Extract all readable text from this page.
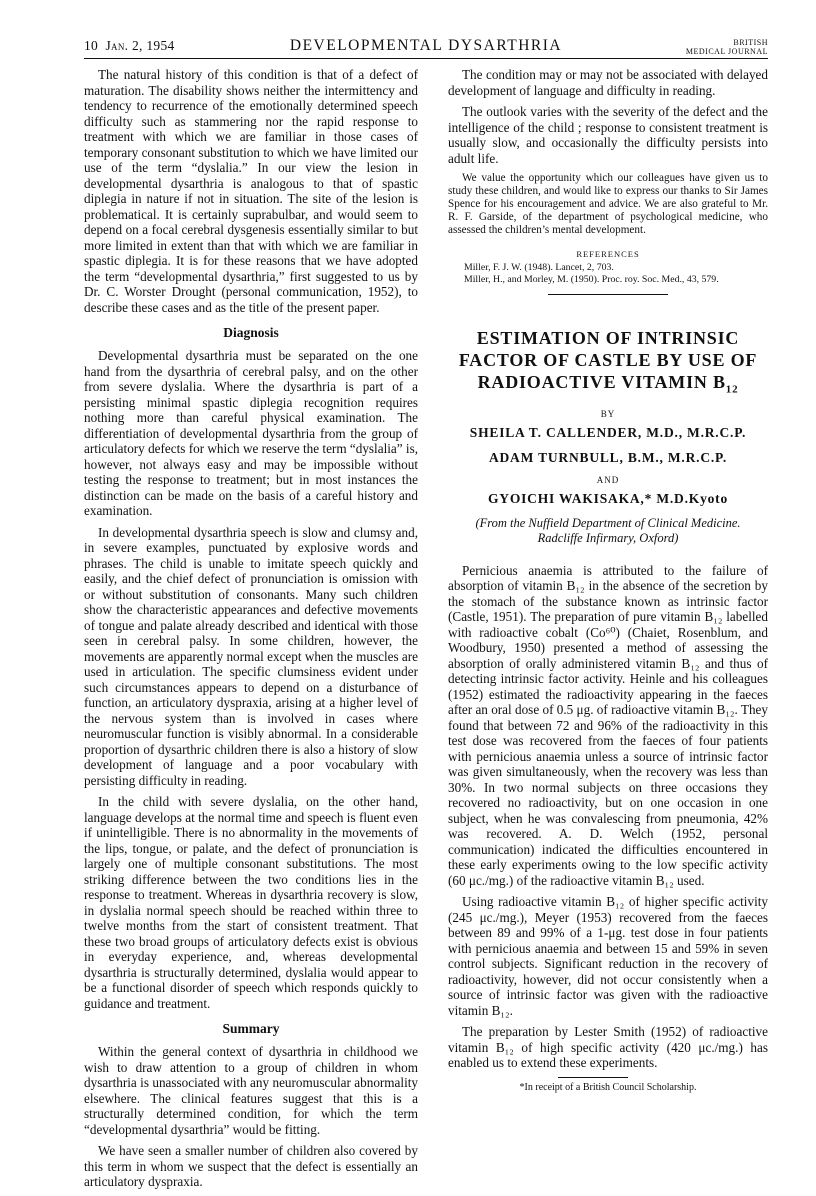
10 Jan. 2, 1954	DEVELOPMENTAL DYSARTHRIA	BRITISH
MEDICAL JOURNAL

The natural history of this condition is that of a defect of maturation. The disability shows neither the intermittency and tendency to recurrence of the emotionally determined speech difficulty such as stammering nor the rapid response to treatment with which we are familiar in those cases of temporary consonant substitution to which we have limited our use of the term “dyslalia.” In our view the lesion in developmental dysarthria is analogous to that of spastic diplegia in nature if not in situation. The site of the lesion is problematical. It is certainly suprabulbar, and would seem to depend on a focal cerebral dysgenesis essentially similar to but more limited in extent than that with which we are familiar in spastic diplegia. It is for these reasons that we have adopted the term “developmental dysarthria,” first suggested to us by Dr. C. Worster Drought (personal communication, 1952), to describe these cases and as the title of the present paper.

Diagnosis

Developmental dysarthria must be separated on the one hand from the dysarthria of cerebral palsy, and on the other from severe dyslalia. Where the dysarthria is part of a persisting minimal spastic diplegia recognition requires nothing more than careful physical examination. The differentiation of developmental dysarthria from the group of articulatory defects for which we reserve the term “dyslalia” is, however, not always easy and may be impossible without testing the response to treatment; but in most instances the distinction can be made on the basis of a careful history and examination.

In developmental dysarthria speech is slow and clumsy and, in severe examples, punctuated by explosive words and phrases. The child is unable to imitate speech quickly and easily, and the chief defect of pronunciation is omission with or without substitution of consonants. Many such children show the characteristic appearances and defective movements of tongue and palate already described and identical with those seen in cerebral palsy. In some children, however, the movements are apparently normal except when the muscles are used in articulation. The specific clumsiness evident under such circumstances appears to depend on a disturbance of function, an articulatory dyspraxia, arising at a higher level of the nervous system than is involved in cases where neuromuscular function is visibly abnormal. In a considerable proportion of dysarthric children there is also a history of slow development of language and a poor vocabulary with persisting difficulty in reading.

In the child with severe dyslalia, on the other hand, language develops at the normal time and speech is fluent even if unintelligible. There is no abnormality in the movements of the lips, tongue, or palate, and the defect of pronunciation is largely one of multiple consonant substitutions. The most striking difference between the two conditions lies in the response to treatment. Whereas in dysarthria recovery is slow, in dyslalia normal speech should be reached within three to twelve months from the start of consistent treatment. That these two broad groups of articulatory defects exist is obvious in everyday experience, and, whereas developmental dysarthria is structurally determined, dyslalia would appear to be a functional disorder of speech which responds quickly to guidance and treatment.

Summary

Within the general context of dysarthria in childhood we wish to draw attention to a group of children in whom dysarthria is unassociated with any neuromuscular abnormality elsewhere. The clinical features suggest that this is a structurally determined condition, for which the term “developmental dysarthria” would be fitting.

We have seen a smaller number of children also covered by this term in whom we suspect that the defect is essentially an articulatory dyspraxia.

The condition may or may not be associated with delayed development of language and difficulty in reading.

The outlook varies with the severity of the defect and the intelligence of the child ; response to consistent treatment is usually slow, and occasionally the difficulty persists into adult life.

We value the opportunity which our colleagues have given us to study these children, and would like to express our thanks to Sir James Spence for his encouragement and advice. We are also grateful to Mr. R. F. Garside, of the department of psychological medicine, who assessed the children’s mental development.

REFERENCES
Miller, F. J. W. (1948). Lancet, 2, 703.
Miller, H., and Morley, M. (1950). Proc. roy. Soc. Med., 43, 579.
ESTIMATION OF INTRINSIC
FACTOR OF CASTLE BY USE OF
RADIOACTIVE VITAMIN $B_{12}$
BY
SHEILA T. CALLENDER, M.D., M.R.C.P.
ADAM TURNBULL, B.M., M.R.C.P.
AND
GYOICHI WAKISAKA,* M.D.Kyoto
(From the Nuffield Department of Clinical Medicine.
Radcliffe Infirmary, Oxford)

Pernicious anaemia is attributed to the failure of absorption of vitamin B₁₂ in the absence of the secretion by the stomach of the substance known as intrinsic factor (Castle, 1951). The preparation of pure vitamin B₁₂ labelled with radioactive cobalt (Co⁶⁰) (Chaiet, Rosenblum, and Woodbury, 1950) presented a method of assessing the absorption of orally administered vitamin B₁₂ and thus of detecting intrinsic factor activity. Heinle and his colleagues (1952) estimated the radioactivity appearing in the faeces after an oral dose of 0.5 μg. of radioactive vitamin B₁₂. They found that between 72 and 96% of the radioactivity in this test dose was recovered from the faeces of four patients with pernicious anaemia unless a source of intrinsic factor was given simultaneously, when the recovery was less than 30%. In two normal subjects on three occasions they recovered no radioactivity, but on one occasion in one subject, when he was convalescing from pneumonia, 42% was recovered. A. D. Welch (1952, personal communication) indicated the difficulties encountered in these early experiments owing to the low specific activity (60 μc./mg.) of the radioactive vitamin B₁₂ used.

Using radioactive vitamin B₁₂ of higher specific activity (245 μc./mg.), Meyer (1953) recovered from the faeces between 89 and 99% of a 1-μg. test dose in four patients with pernicious anaemia and between 15 and 59% in seven control subjects. Significant reduction in the recovery of radioactivity, however, did not occur consistently when a source of intrinsic factor was given with the radioactive vitamin B₁₂.

The preparation by Lester Smith (1952) of radioactive vitamin B₁₂ of high specific activity (420 μc./mg.) has enabled us to extend these experiments.

*In receipt of a British Council Scholarship.
